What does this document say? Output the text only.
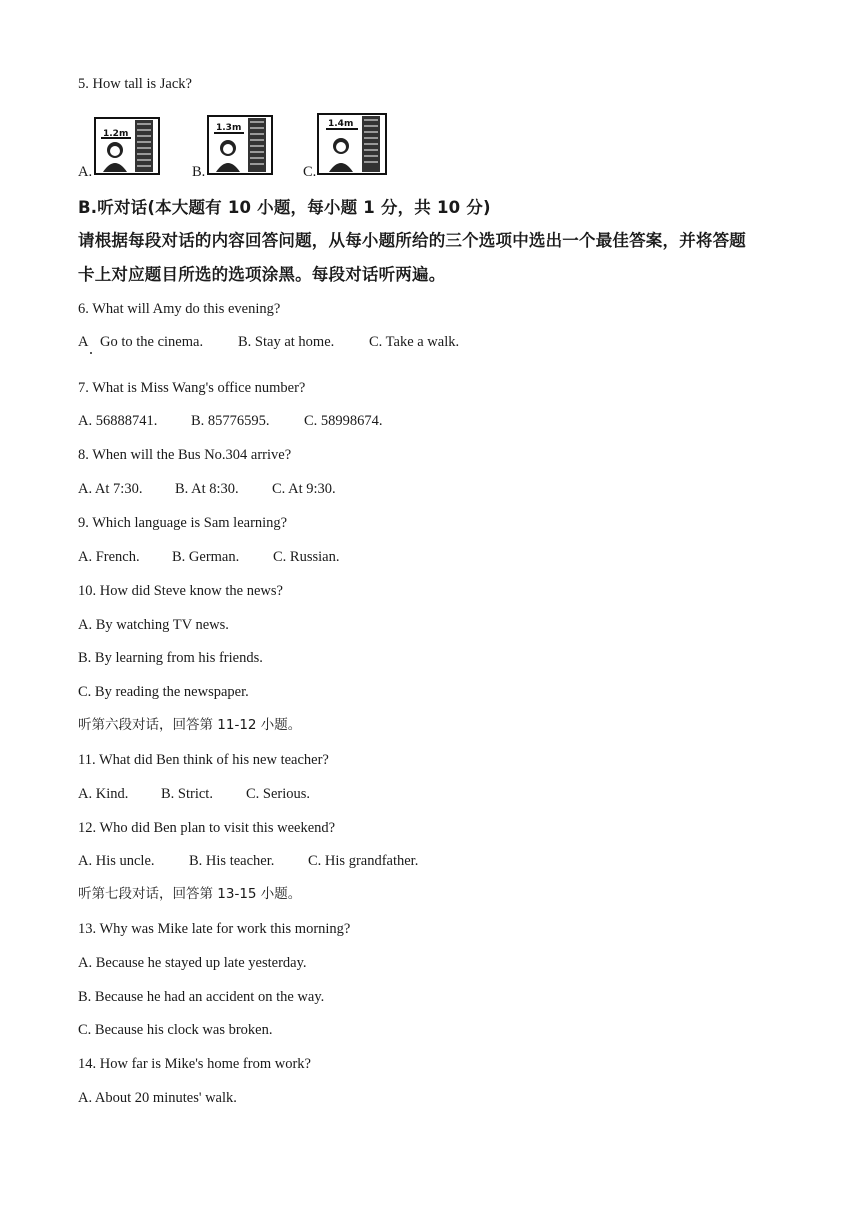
5. How tall is Jack?
A.
1.2m
B.
1.3m
C.
1.4m
B.听对话(本大题有 10 小题，每小题 1 分，共 10 分)
请根据每段对话的内容回答问题，从每小题所给的三个选项中选出一个最佳答案，并将答题
卡上对应题目所选的选项涂黑。每段对话听两遍。
6. What will Amy do this evening?
A Go to the cinema. B. Stay at home. C. Take a walk.
7. What is Miss Wang's office number?
A. 56888741. B. 85776595. C. 58998674.
8. When will the Bus No.304 arrive?
A. At 7:30. B. At 8:30. C. At 9:30.
9. Which language is Sam learning?
A. French. B. German. C. Russian.
10. How did Steve know the news?
A. By watching TV news.
B. By learning from his friends.
C. By reading the newspaper.
听第六段对话，回答第 11-12 小题。
11. What did Ben think of his new teacher?
A. Kind. B. Strict. C. Serious.
12. Who did Ben plan to visit this weekend?
A. His uncle. B. His teacher. C. His grandfather.
听第七段对话，回答第 13-15 小题。
13. Why was Mike late for work this morning?
A. Because he stayed up late yesterday.
B. Because he had an accident on the way.
C. Because his clock was broken.
14. How far is Mike's home from work?
A. About 20 minutes' walk.
